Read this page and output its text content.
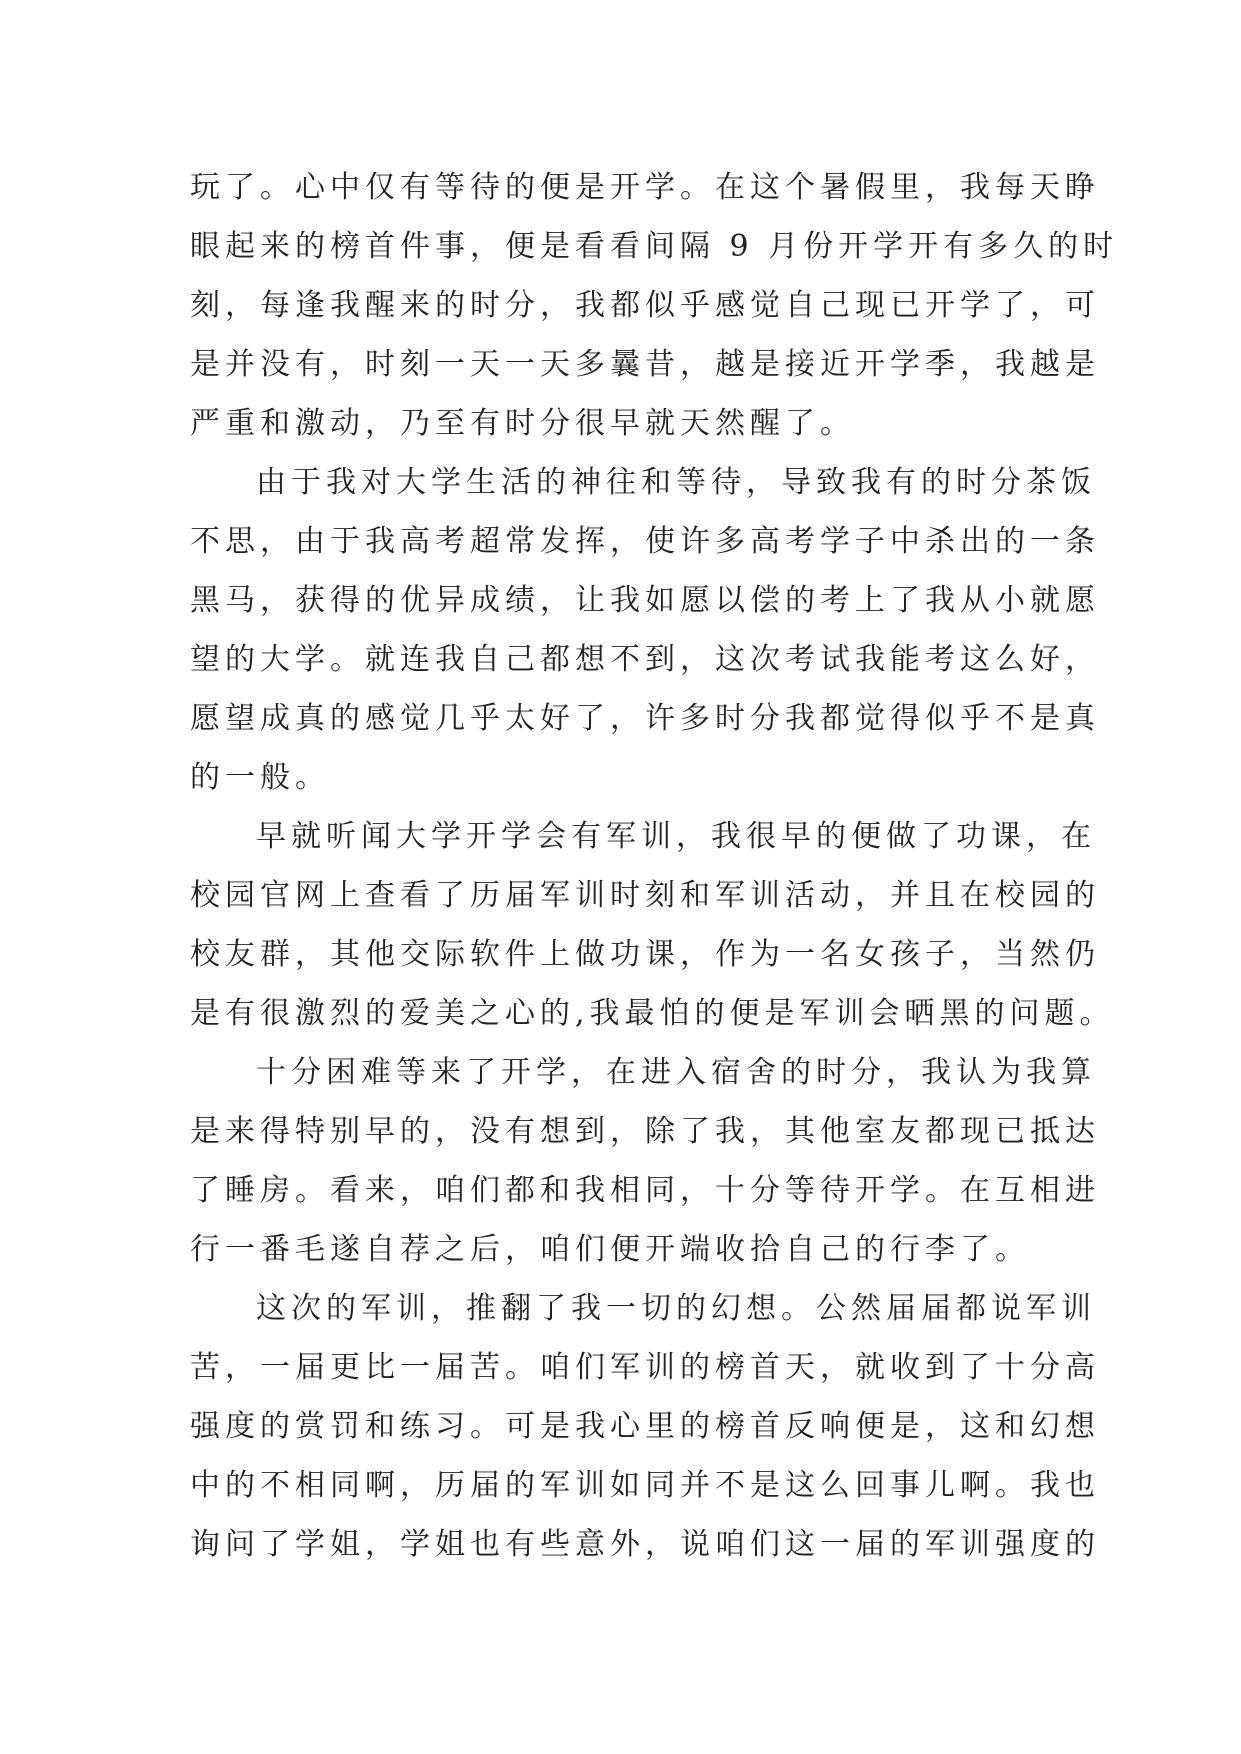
玩了。心中仅有等待的便是开学。在这个暑假里，我每天睁
眼起来的榜首件事，便是看看间隔 9 月份开学开有多久的时
刻，每逢我醒来的时分，我都似乎感觉自己现已开学了，可
是并没有，时刻一天一天多曩昔，越是接近开学季，我越是
严重和激动，乃至有时分很早就天然醒了。
由于我对大学生活的神往和等待，导致我有的时分茶饭
不思，由于我高考超常发挥，使许多高考学子中杀出的一条
黑马，获得的优异成绩，让我如愿以偿的考上了我从小就愿
望的大学。就连我自己都想不到，这次考试我能考这么好，
愿望成真的感觉几乎太好了，许多时分我都觉得似乎不是真
的一般。
早就听闻大学开学会有军训，我很早的便做了功课，在
校园官网上查看了历届军训时刻和军训活动，并且在校园的
校友群，其他交际软件上做功课，作为一名女孩子，当然仍
是有很激烈的爱美之心的,我最怕的便是军训会晒黑的问题。
十分困难等来了开学，在进入宿舍的时分，我认为我算
是来得特别早的，没有想到，除了我，其他室友都现已抵达
了睡房。看来，咱们都和我相同，十分等待开学。在互相进
行一番毛遂自荐之后，咱们便开端收拾自己的行李了。
这次的军训，推翻了我一切的幻想。公然届届都说军训
苦，一届更比一届苦。咱们军训的榜首天，就收到了十分高
强度的赏罚和练习。可是我心里的榜首反响便是，这和幻想
中的不相同啊，历届的军训如同并不是这么回事儿啊。我也
询问了学姐，学姐也有些意外，说咱们这一届的军训强度的
